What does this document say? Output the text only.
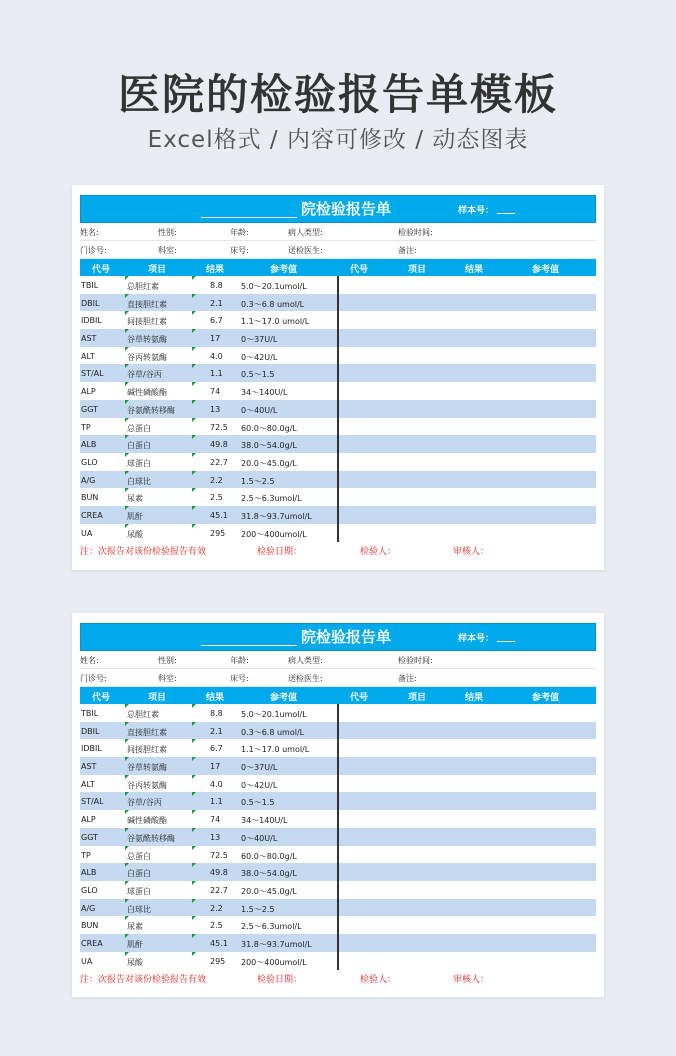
医院的检验报告单模板
Excel格式 / 内容可修改 / 动态图表
院检验报告单	样本号：
姓名:	性别:	年龄:	病人类型:	检验时间:
门诊号:	科室:	床号:	送检医生:	备注:
代号	项目	结果	参考值	代号	项目	结果	参考值
TBIL	总胆红素	8.8 5.0～20.1umol/L
DBIL	直接胆红素	2.1 0.3～6.8 umol/L
IDBIL	间接胆红素	6.7 1.1～17.0 umol/L
AST	谷草转氨酶	17	0～37U/L
ALT	谷丙转氨酶	4.0 0～42U/L
ST/AL	谷草/谷丙	1.1 0.5～1.5
ALP	碱性磷酸酯	74	34～140U/L
GGT	谷氨酰转移酶	13	0～40U/L
TP	总蛋白	72.5 60.0～80.0g/L
ALB	白蛋白	49.8 38.0～54.0g/L
GLO	球蛋白	22.7 20.0～45.0g/L
A/G	白球比	2.2 1.5～2.5
BUN	尿素	2.5 2.5～6.3umol/L
CREA	肌酐	45.1 31.8～93.7umol/L
UA	尿酸	295 200～400umol/L
注：次报告对该份检验报告有效	检验日期：	检验人：	审核人：
院检验报告单	样本号：
姓名:	性别:	年龄:	病人类型:	检验时间:
门诊号:	科室:	床号:	送检医生:	备注:
代号	项目	结果	参考值	代号	项目	结果	参考值
TBIL	总胆红素	8.8 5.0～20.1umol/L
DBIL	直接胆红素	2.1 0.3～6.8 umol/L
IDBIL	间接胆红素	6.7 1.1～17.0 umol/L
AST	谷草转氨酶	17	0～37U/L
ALT	谷丙转氨酶	4.0 0～42U/L
ST/AL	谷草/谷丙	1.1 0.5～1.5
ALP	碱性磷酸酯	74	34～140U/L
GGT	谷氨酰转移酶	13	0～40U/L
TP	总蛋白	72.5 60.0～80.0g/L
ALB	白蛋白	49.8 38.0～54.0g/L
GLO	球蛋白	22.7 20.0～45.0g/L
A/G	白球比	2.2 1.5～2.5
BUN	尿素	2.5 2.5～6.3umol/L
CREA	肌酐	45.1 31.8～93.7umol/L
UA	尿酸	295 200～400umol/L
注：次报告对该份检验报告有效	检验日期：	检验人：	审核人：
